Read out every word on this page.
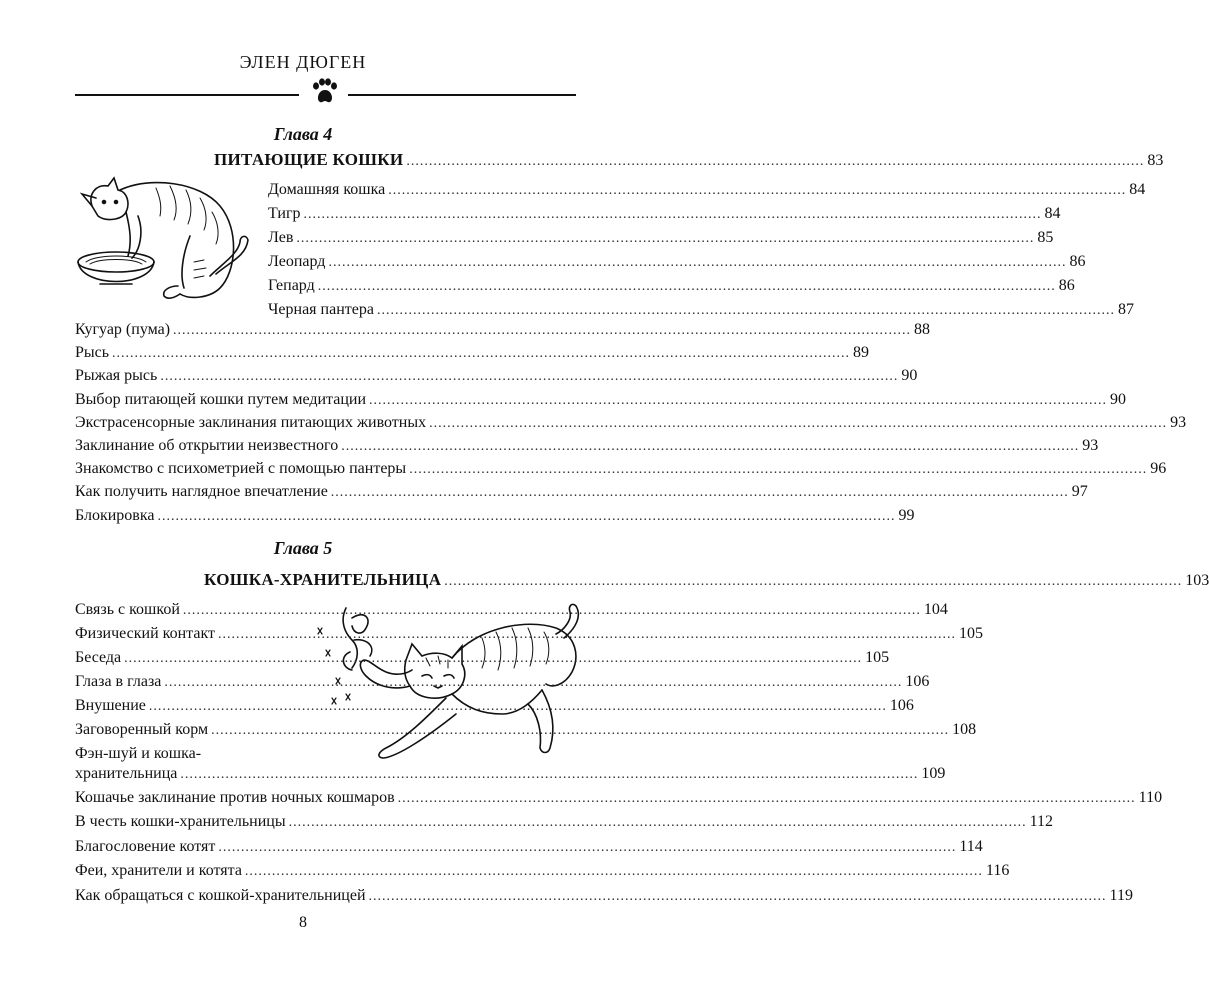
ЭЛЕН ДЮГЕН
Глава 4
ПИТАЮЩИЕ КОШКИ .................................................................................................................................................................... 83
Домашняя кошка .................................................................................................................................................................... 84
Тигр .................................................................................................................................................................... 84
Лев .................................................................................................................................................................... 85
Леопард .................................................................................................................................................................... 86
Гепард .................................................................................................................................................................... 86
Черная пантера .................................................................................................................................................................... 87
Кугуар (пума) .................................................................................................................................................................... 88
Рысь .................................................................................................................................................................... 89
Рыжая рысь .................................................................................................................................................................... 90
Выбор питающей кошки путем медитации .................................................................................................................................................................... 90
Экстрасенсорные заклинания питающих животных .................................................................................................................................................................... 93
Заклинание об открытии неизвестного .................................................................................................................................................................... 93
Знакомство с психометрией с помощью пантеры .................................................................................................................................................................... 96
Как получить наглядное впечатление .................................................................................................................................................................... 97
Блокировка .................................................................................................................................................................... 99
Глава 5
КОШКА-ХРАНИТЕЛЬНИЦА .................................................................................................................................................................... 103
Связь с кошкой .................................................................................................................................................................... 104
Физический контакт .................................................................................................................................................................... 105
Беседа .................................................................................................................................................................... 105
Глаза в глаза .................................................................................................................................................................... 106
Внушение .................................................................................................................................................................... 106
Заговоренный корм .................................................................................................................................................................... 108
Фэн-шуй и кошка-
хранительница .................................................................................................................................................................... 109
Кошачье заклинание против ночных кошмаров .................................................................................................................................................................... 110
В честь кошки-хранительницы .................................................................................................................................................................... 112
Благословение котят .................................................................................................................................................................... 114
Феи, хранители и котята .................................................................................................................................................................... 116
Как обращаться с кошкой-хранительницей .................................................................................................................................................................... 119
8
